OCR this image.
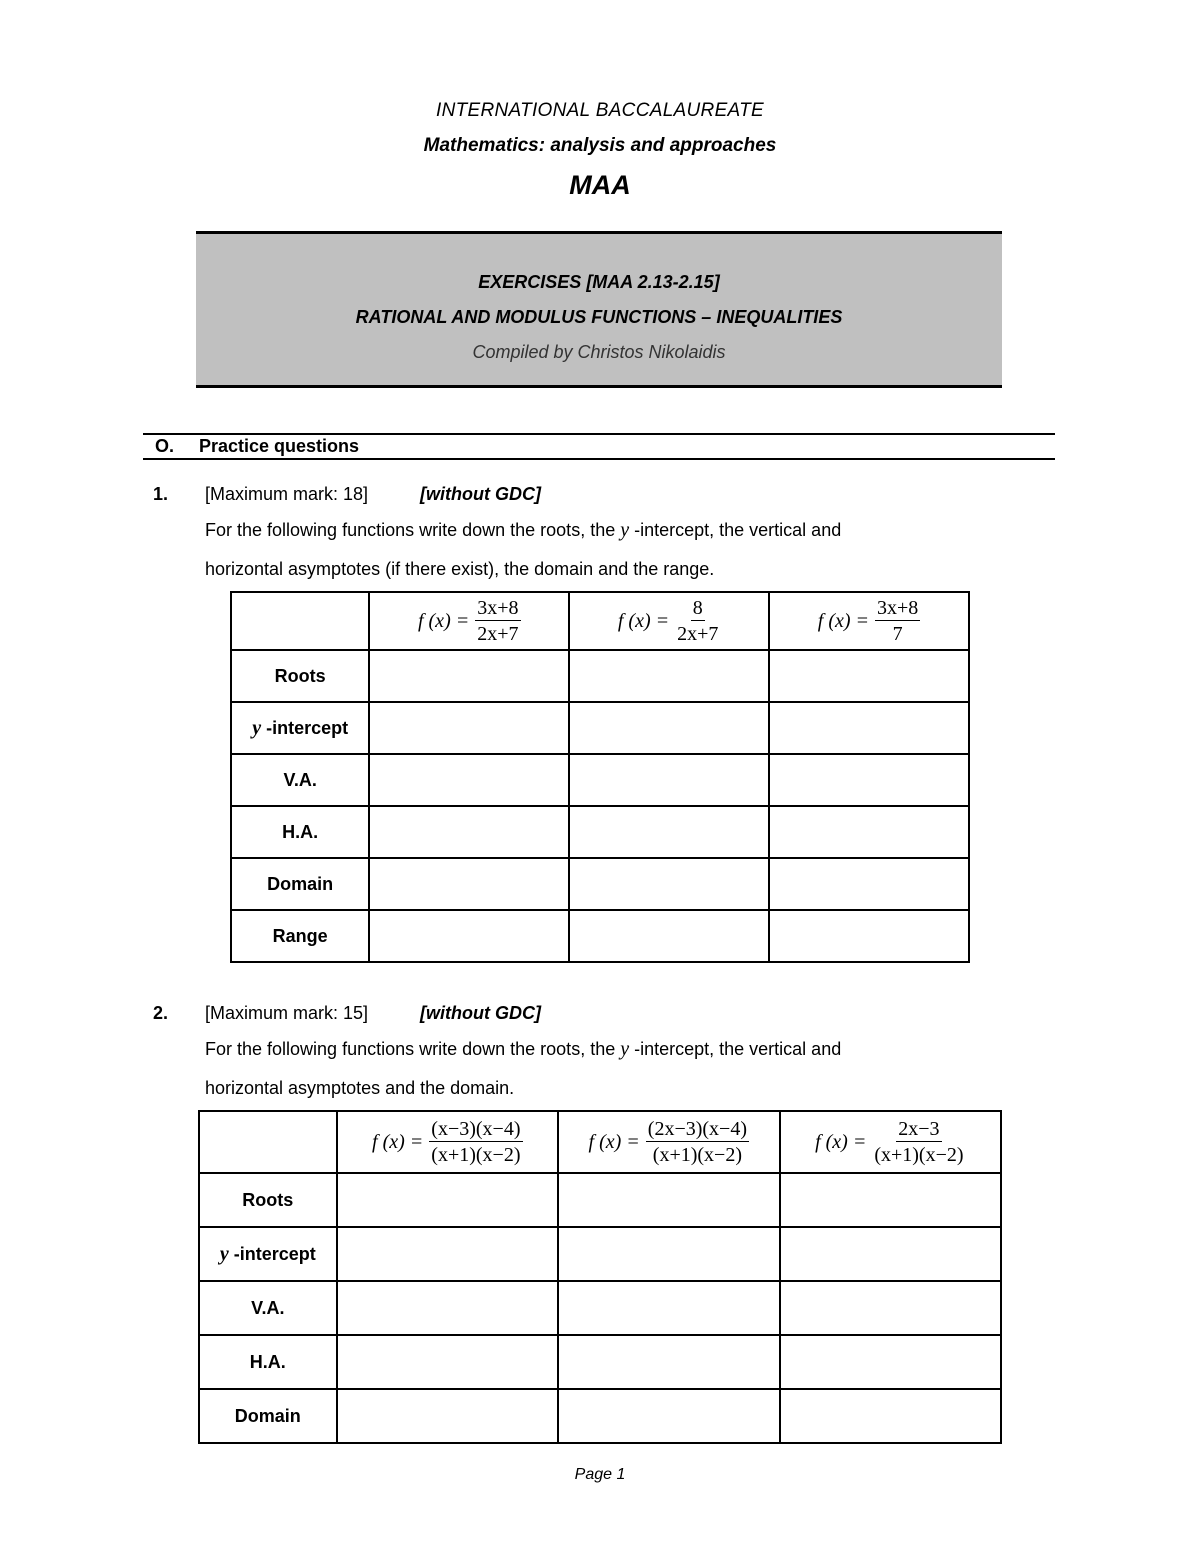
INTERNATIONAL BACCALAUREATE
Mathematics: analysis and approaches
MAA
EXERCISES [MAA 2.13-2.15]
RATIONAL AND MODULUS FUNCTIONS – INEQUALITIES
Compiled by Christos Nikolaidis
O. Practice questions
1. [Maximum mark: 18]	[without GDC]
For the following functions write down the roots, the y -intercept, the vertical and
horizontal asymptotes (if there exist), the domain and the range.

	f $(x) = \frac{3x+8}{2x+7}$	f $(x) = \frac{8}{2x+7}$	f $(x) = \frac{3x+8}{7}$

Roots			
y -intercept			
V.A.			
H.A.			
Domain			
Range			
2. [Maximum mark: 15]	[without GDC]
For the following functions write down the roots, the y -intercept, the vertical and
horizontal asymptotes and the domain.

	f $(x) = \frac{(x-3)(x-4)}{(x+1)(x-2)}$	f $(x) = \frac{(2x-3)(x-4)}{(x+1)(x-2)}$	f $(x) = \frac{2x-3}{(x+1)(x-2)}$

Roots			
y -intercept			
V.A.			
H.A.			
Domain			
Page 1
